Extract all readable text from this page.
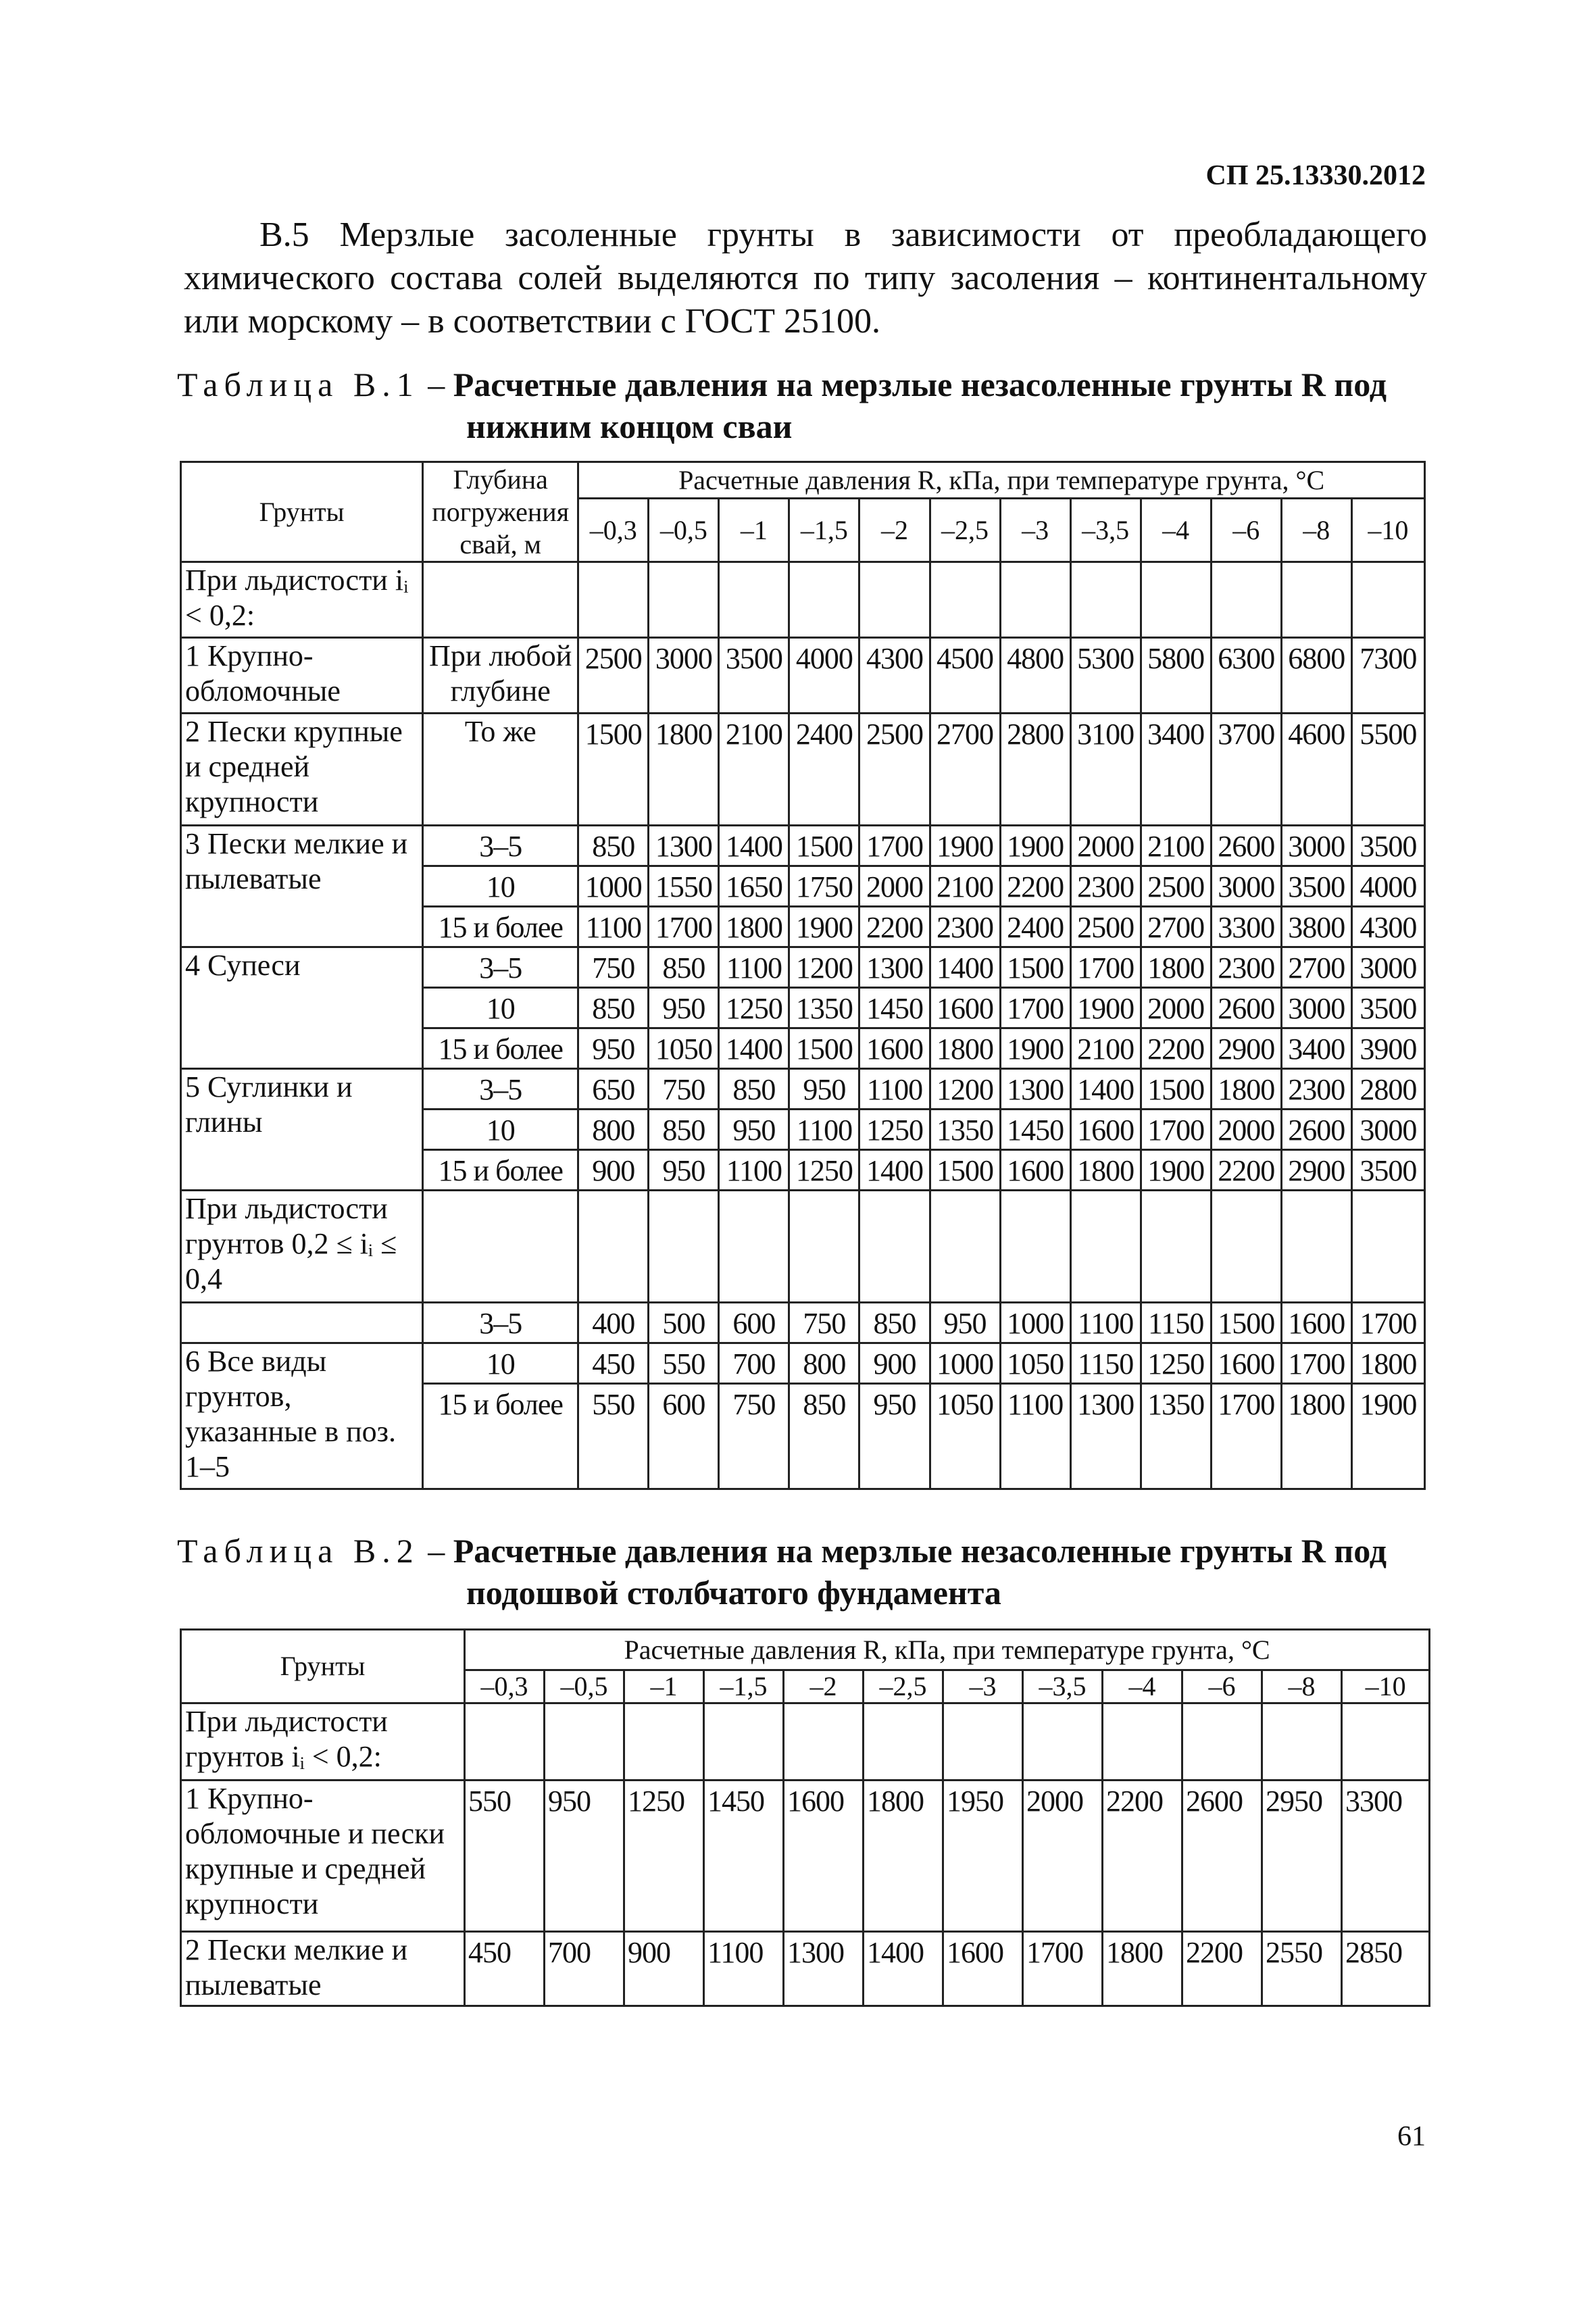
СП 25.13330.2012

В.5 Мерзлые засоленные грунты в зависимости от преобладающего химического состава солей выделяются по типу засоления – континентальному или морскому – в соответствии с ГОСТ 25100.

Таблица В.1 – Расчетные давления на мерзлые незасоленные грунты R под
нижним концом сваи
Грунты	Глубина погружения свай, м	Расчетные давления R, кПа, при температуре грунта, °С											
		–0,3	–0,5	–1	–1,5	–2	–2,5	–3	–3,5	–4	–6	–8	–10
При льдистости iᵢ < 0,2:													
1 Крупно-обломочные	При любой глубине	2500	3000	3500	4000	4300	4500	4800	5300	5800	6300	6800	7300
2 Пески крупные и средней крупности	То же	1500	1800	2100	2400	2500	2700	2800	3100	3400	3700	4600	5500
3 Пески мелкие и пылеватые	3–5	850	1300	1400	1500	1700	1900	1900	2000	2100	2600	3000	3500
	10	1000	1550	1650	1750	2000	2100	2200	2300	2500	3000	3500	4000
	15 и более	1100	1700	1800	1900	2200	2300	2400	2500	2700	3300	3800	4300
4 Супеси	3–5	750	850	1100	1200	1300	1400	1500	1700	1800	2300	2700	3000
	10	850	950	1250	1350	1450	1600	1700	1900	2000	2600	3000	3500
	15 и более	950	1050	1400	1500	1600	1800	1900	2100	2200	2900	3400	3900
5 Суглинки и глины	3–5	650	750	850	950	1100	1200	1300	1400	1500	1800	2300	2800
	10	800	850	950	1100	1250	1350	1450	1600	1700	2000	2600	3000
	15 и более	900	950	1100	1250	1400	1500	1600	1800	1900	2200	2900	3500
При льдистости грунтов 0,2 ≤ iᵢ ≤ 0,4													
	3–5	400	500	600	750	850	950	1000	1100	1150	1500	1600	1700
6 Все виды грунтов, указанные в поз. 1–5	10	450	550	700	800	900	1000	1050	1150	1250	1600	1700	1800
	15 и более	550	600	750	850	950	1050	1100	1300	1350	1700	1800	1900
Таблица В.2 – Расчетные давления на мерзлые незасоленные грунты R под
подошвой столбчатого фундамента
Грунты	Расчетные давления R, кПа, при температуре грунта, °С											
	–0,3	–0,5	–1	–1,5	–2	–2,5	–3	–3,5	–4	–6	–8	–10
При льдистости грунтов iᵢ < 0,2:												
1 Крупно-обломочные и пески крупные и средней крупности	550	950	1250	1450	1600	1800	1950	2000	2200	2600	2950	3300
2 Пески мелкие и пылеватые	450	700	900	1100	1300	1400	1600	1700	1800	2200	2550	2850
61
